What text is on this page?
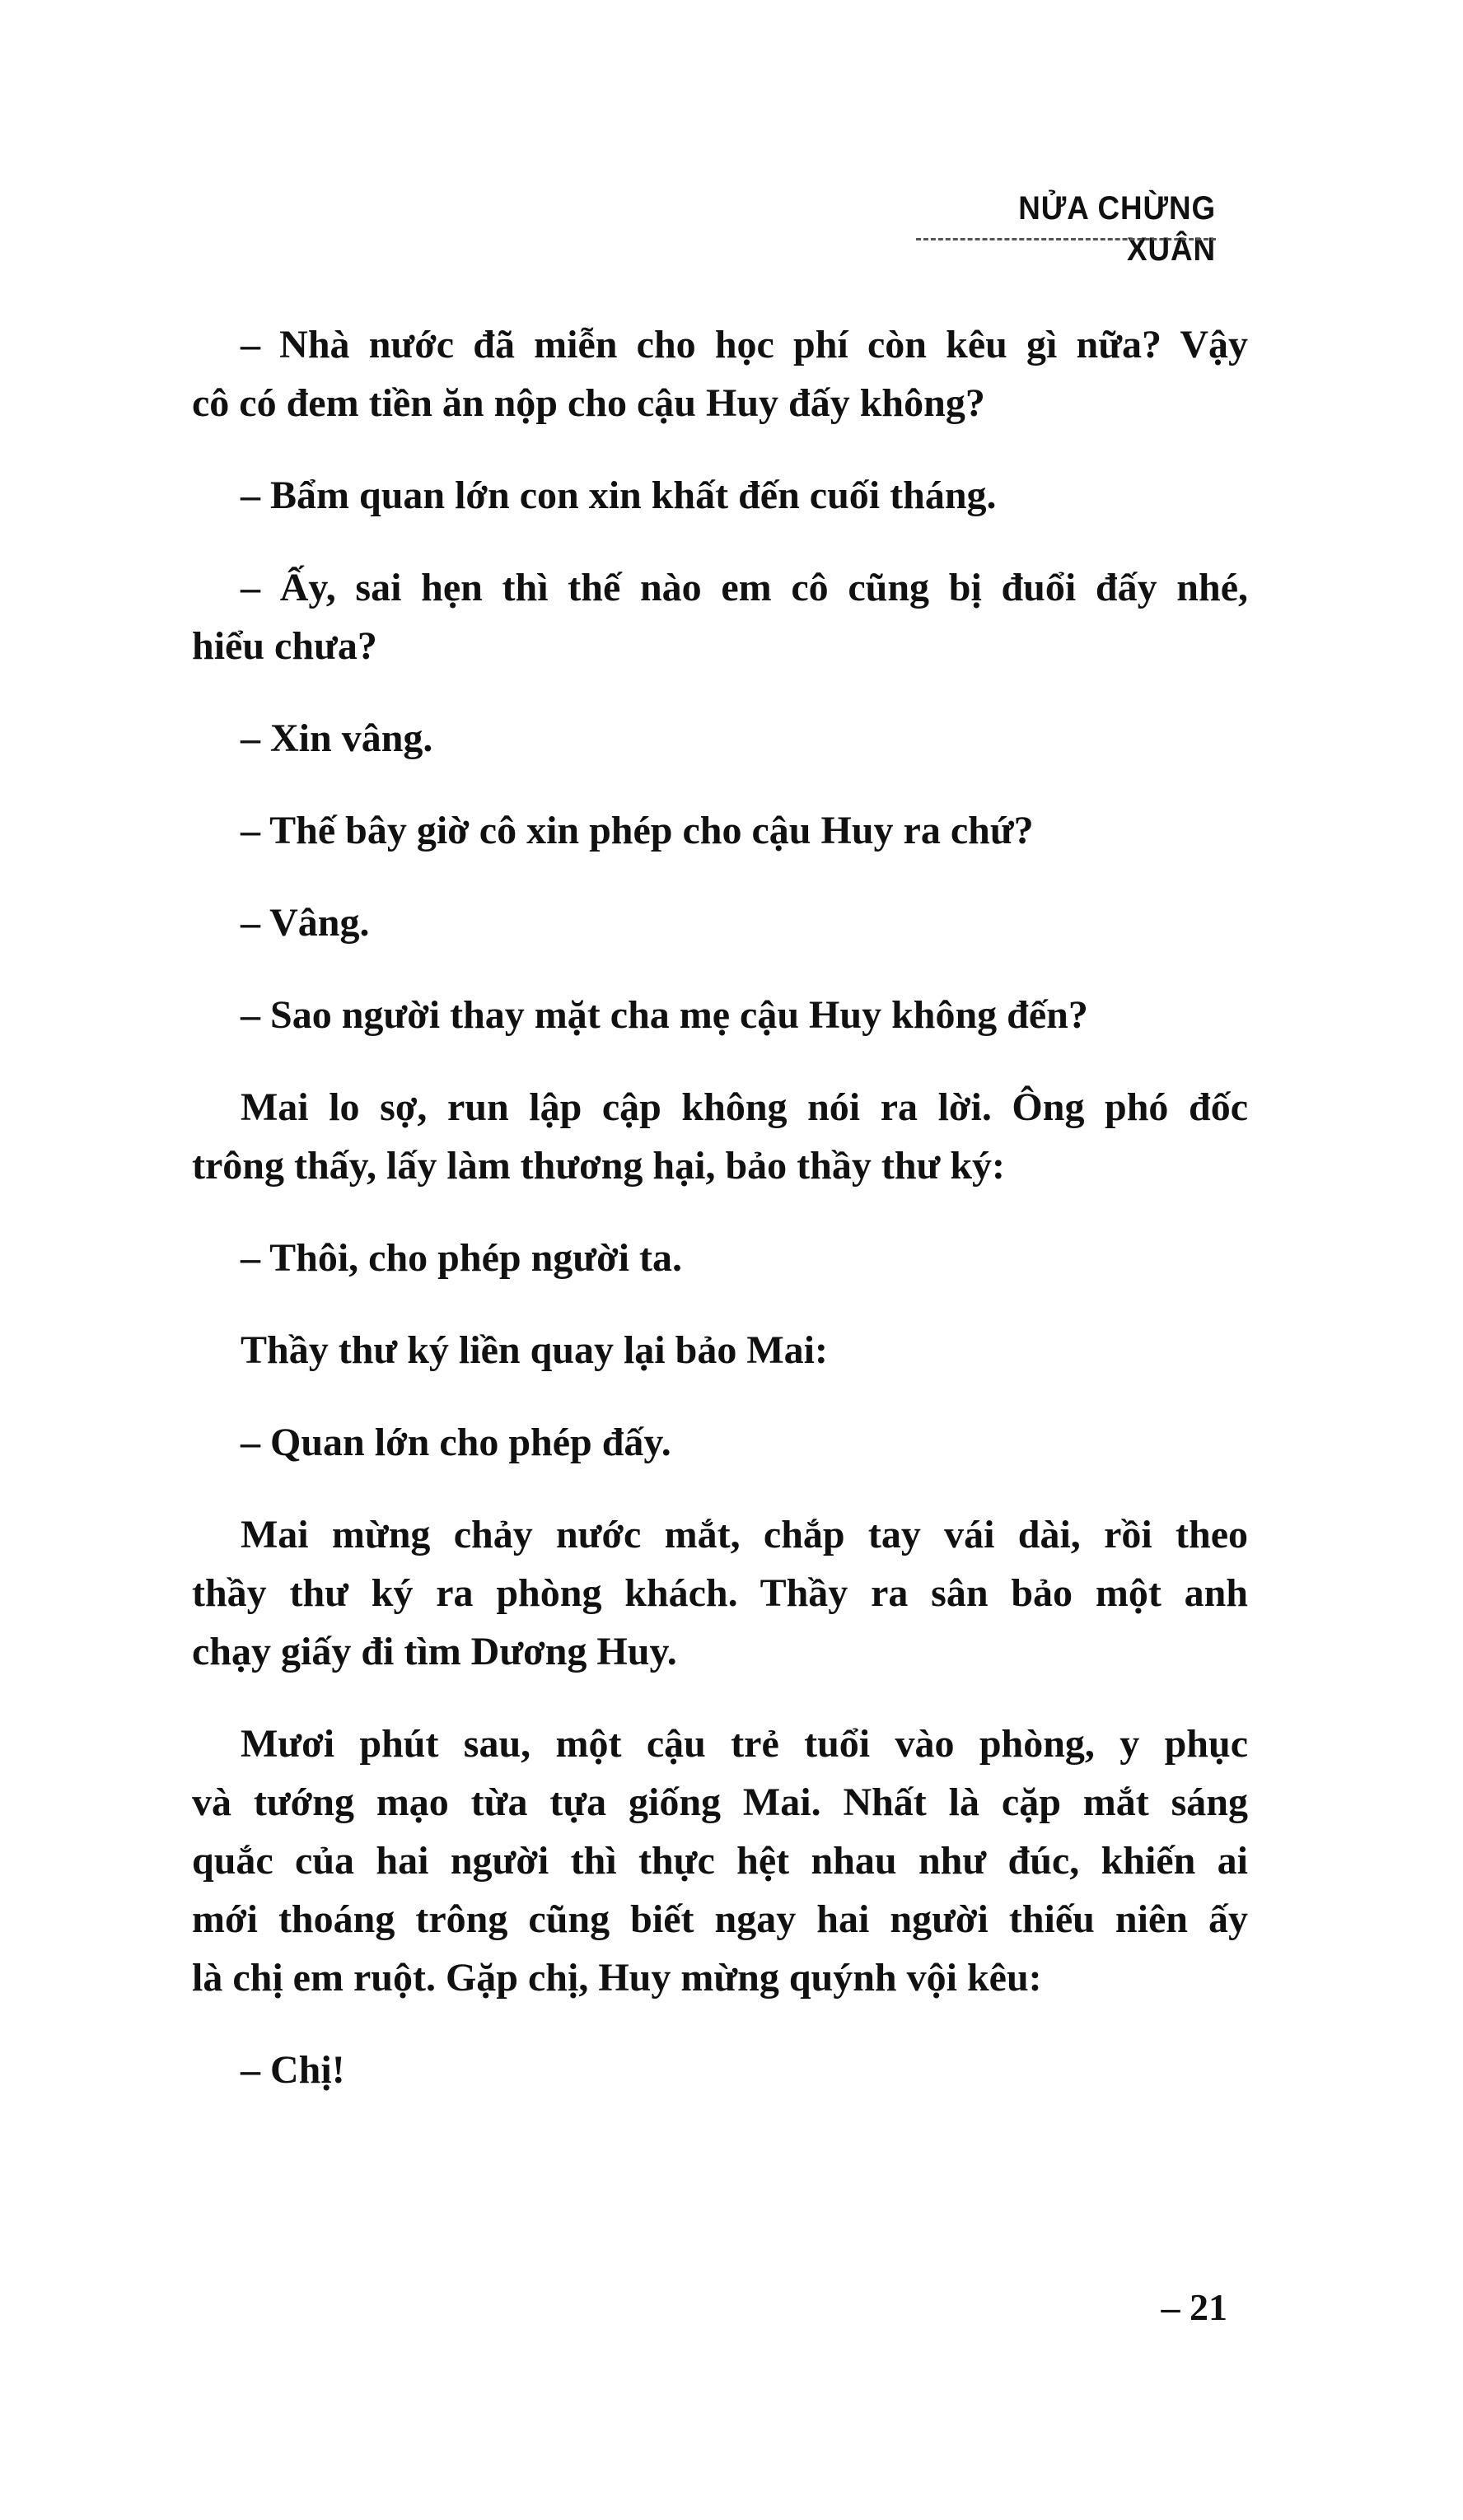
NỬA CHỪNG XUÂN
– Nhà nước đã miễn cho học phí còn kêu gì nữa? Vậy
cô có đem tiền ăn nộp cho cậu Huy đấy không?
– Bẩm quan lớn con xin khất đến cuối tháng.
– Ấy, sai hẹn thì thế nào em cô cũng bị đuổi đấy nhé,
hiểu chưa?
– Xin vâng.
– Thế bây giờ cô xin phép cho cậu Huy ra chứ?
– Vâng.
– Sao người thay mặt cha mẹ cậu Huy không đến?
Mai lo sợ, run lập cập không nói ra lời. Ông phó đốc
trông thấy, lấy làm thương hại, bảo thầy thư ký:
– Thôi, cho phép người ta.
Thầy thư ký liền quay lại bảo Mai:
– Quan lớn cho phép đấy.
Mai mừng chảy nước mắt, chắp tay vái dài, rồi theo
thầy thư ký ra phòng khách. Thầy ra sân bảo một anh
chạy giấy đi tìm Dương Huy.
Mươi phút sau, một cậu trẻ tuổi vào phòng, y phục
và tướng mạo từa tựa giống Mai. Nhất là cặp mắt sáng
quắc của hai người thì thực hệt nhau như đúc, khiến ai
mới thoáng trông cũng biết ngay hai người thiếu niên ấy
là chị em ruột. Gặp chị, Huy mừng quýnh vội kêu:
– Chị!
– 21
